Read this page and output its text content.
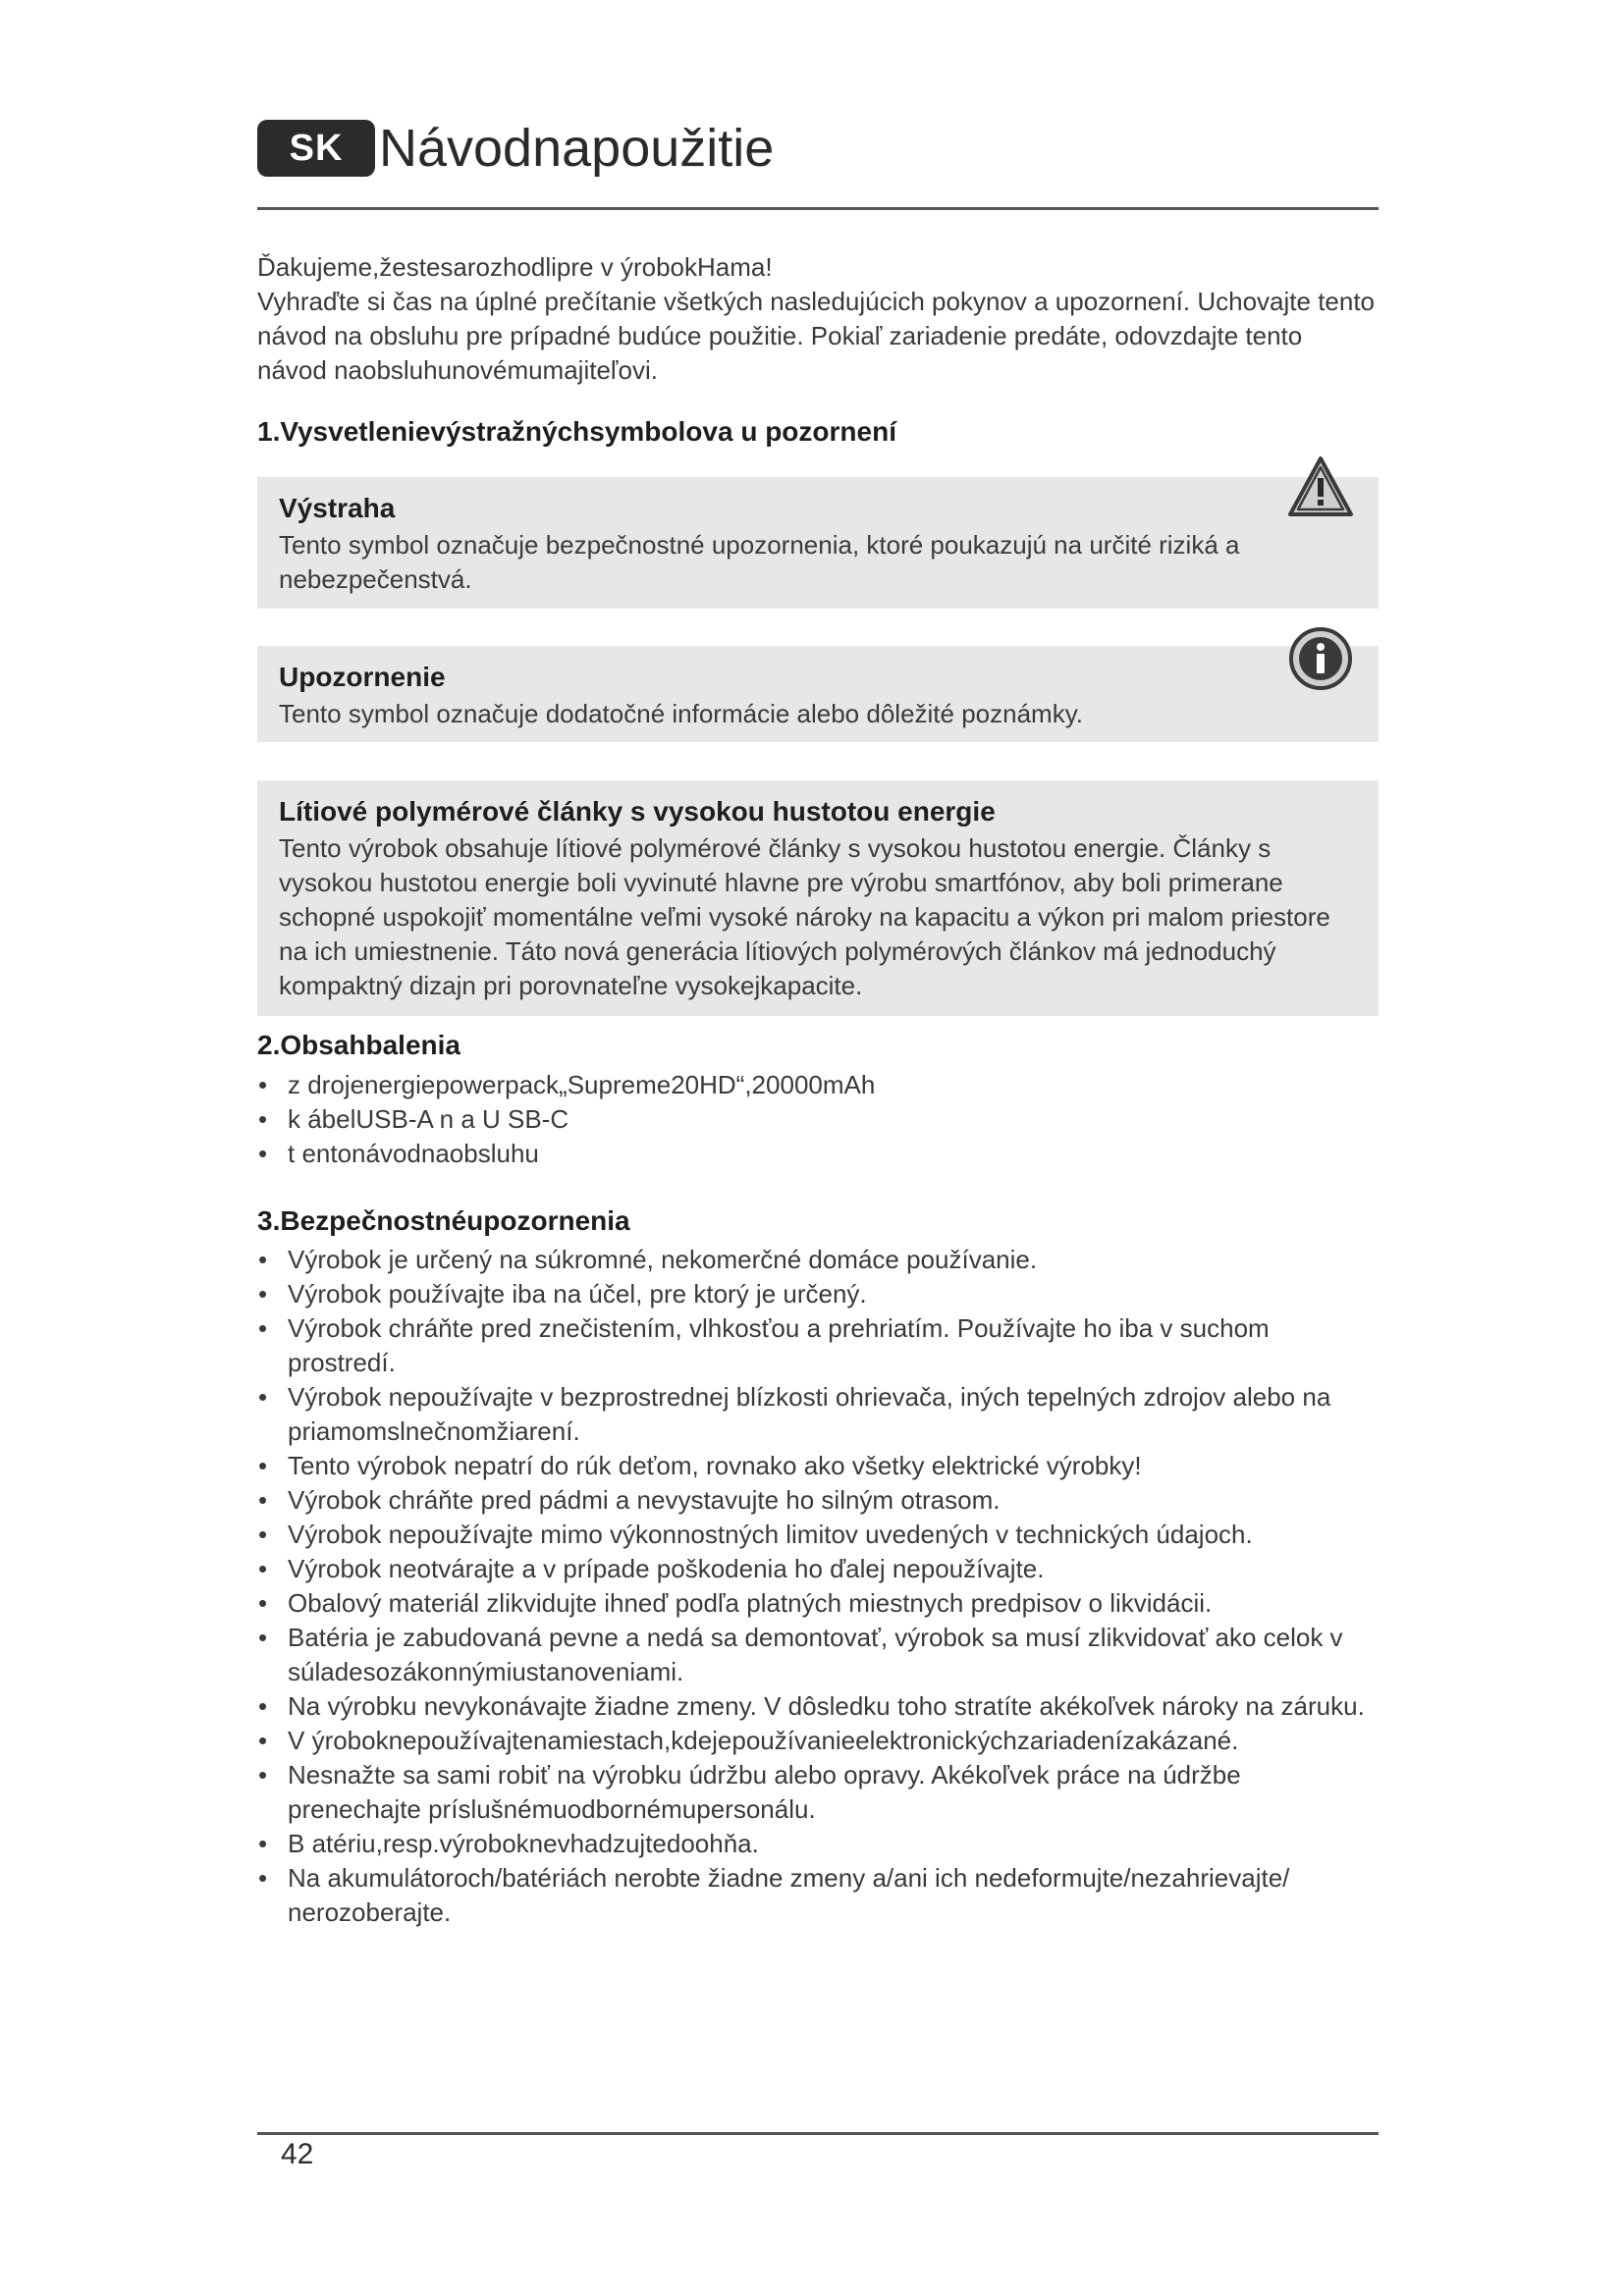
SK Návodnapoužitie

Ďakujeme,žestesarozhodlipre v ýrobokHama!

Vyhraďte si čas na úplné prečítanie všetkých nasledujúcich pokynov a upozornení. Uchovajte tento návod na obsluhu pre prípadné budúce použitie. Pokiaľ zariadenie predáte, odovzdajte tento návod naobsluhunovémumajiteľovi.

1.Vysvetlenievýstražnýchsymbolova u pozornení
Výstraha
Tento symbol označuje bezpečnostné upozornenia, ktoré poukazujú na určité riziká a nebezpečenstvá.
Upozornenie
Tento symbol označuje dodatočné informácie alebo dôležité poznámky.
Lítiové polymérové články s vysokou hustotou energie
Tento výrobok obsahuje lítiové polymérové články s vysokou hustotou energie. Články s vysokou hustotou energie boli vyvinuté hlavne pre výrobu smartfónov, aby boli primerane schopné uspokojiť momentálne veľmi vysoké nároky na kapacitu a výkon pri malom priestore na ich umiestnenie. Táto nová generácia lítiových polymérových článkov má jednoduchý kompaktný dizajn pri porovnateľne vysokejkapacite.
2.Obsahbalenia
• z drojenergiepowerpack„Supreme20HD“,20000mAh
• k ábelUSB-A n a U SB-C
• t entonávodnaobsluhu
3.Bezpečnostnéupozornenia
• Výrobok je určený na súkromné, nekomerčné domáce používanie.
• Výrobok používajte iba na účel, pre ktorý je určený.
• Výrobok chráňte pred znečistením, vlhkosťou a prehriatím. Používajte ho iba v suchom prostredí.
• Výrobok nepoužívajte v bezprostrednej blízkosti ohrievača, iných tepelných zdrojov alebo na priamomslnečnomžiarení.
• Tento výrobok nepatrí do rúk deťom, rovnako ako všetky elektrické výrobky!
• Výrobok chráňte pred pádmi a nevystavujte ho silným otrasom.
• Výrobok nepoužívajte mimo výkonnostných limitov uvedených v technických údajoch.
• Výrobok neotvárajte a v prípade poškodenia ho ďalej nepoužívajte.
• Obalový materiál zlikvidujte ihneď podľa platných miestnych predpisov o likvidácii.
• Batéria je zabudovaná pevne a nedá sa demontovať, výrobok sa musí zlikvidovať ako celok v súladesozákonnýmiustanoveniami.
• Na výrobku nevykonávajte žiadne zmeny. V dôsledku toho stratíte akékoľvek nároky na záruku.
• V ýroboknepoužívajtenamiestach,kdejepoužívanieelektronickýchzariadenízakázané.
• Nesnažte sa sami robiť na výrobku údržbu alebo opravy. Akékoľvek práce na údržbe prenechajte príslušnémuodbornémupersonálu.
• B atériu,resp.výroboknevhadzujtedoohňa.
• Na akumulátoroch/batériách nerobte žiadne zmeny a/ani ich nedeformujte/nezahrievajte/ nerozoberajte.
42
